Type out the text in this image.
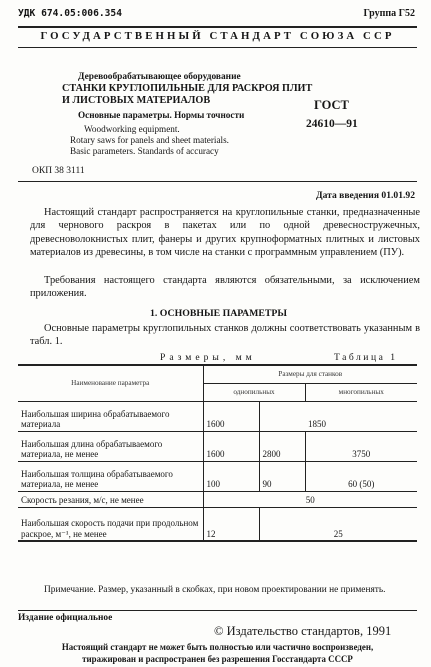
УДК 674.05:006.354	Группа Г52
ГОСУДАРСТВЕННЫЙ СТАНДАРТ СОЮЗА ССР
Деревообрабатывающее оборудование
СТАНКИ КРУГЛОПИЛЬНЫЕ ДЛЯ РАСКРОЯ ПЛИТ
И ЛИСТОВЫХ МАТЕРИАЛОВ
Основные параметры. Нормы точности
Woodworking equipment.
Rotary saws for panels and sheet materials.
Basic parameters. Standards of accuracy
ГОСТ
24610—91
ОКП 38 3111
Дата введения 01.01.92
Настоящий стандарт распространяется на круглопильные станки, предназначенные для чернового раскроя в пакетах или по одной древесностружечных, древесноволокнистых плит, фанеры и других крупноформатных плитных и листовых материалов из древесины, в том числе на станки с программным управлением (ПУ).
Требования настоящего стандарта являются обязательными, за исключением приложения.
1. ОСНОВНЫЕ ПАРАМЕТРЫ
Основные параметры круглопильных станков должны соответствовать указанным в табл. 1.
Размеры, мм	Таблица 1
Наименование параметра	Размеры для станков		
	однопильных		многопильных
Наибольшая ширина обрабатываемого материала	1600		1850
Наибольшая длина обрабатываемого материала, не менее	1600	2800	3750
Наибольшая толщина обрабатываемого материала, не менее	100	90	60 (50)
Скорость резания, м/с, не менее	50		
Наибольшая скорость подачи при продольном раскрое, м⁻¹, не менее	12	25	
Примечание. Размер, указанный в скобках, при новом проектировании не применять.
Издание официальное
© Издательство стандартов, 1991
Настоящий стандарт не может быть полностью или частично воспроизведен,
тиражирован и распространен без разрешения Госстандарта СССР
